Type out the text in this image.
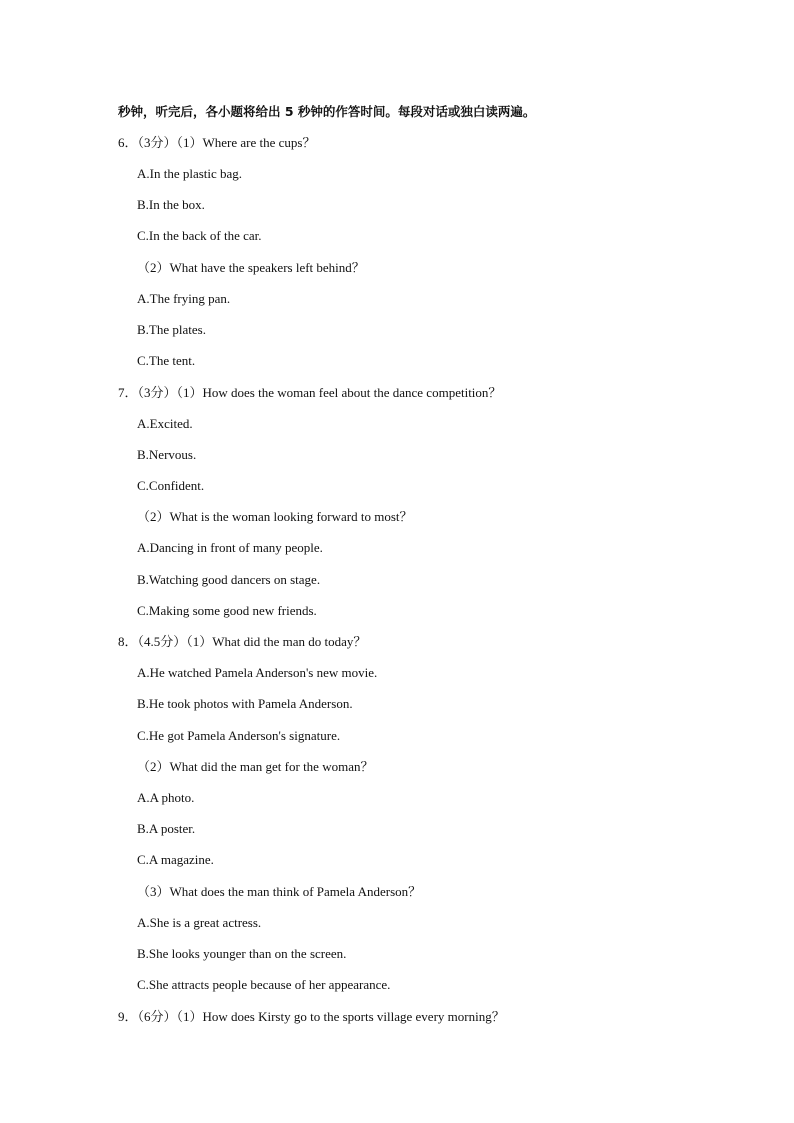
秒钟，听完后，各小题将给出 5 秒钟的作答时间。每段对话或独白读两遍。
6．（3分）（1）Where are the cups？
A.In the plastic bag.
B.In the box.
C.In the back of the car.
（2）What have the speakers left behind？
A.The frying pan.
B.The plates.
C.The tent.
7．（3分）（1）How does the woman feel about the dance competition？
A.Excited.
B.Nervous.
C.Confident.
（2）What is the woman looking forward to most？
A.Dancing in front of many people.
B.Watching good dancers on stage.
C.Making some good new friends.
8．（4.5分）（1）What did the man do today？
A.He watched Pamela Anderson's new movie.
B.He took photos with Pamela Anderson.
C.He got Pamela Anderson's signature.
（2）What did the man get for the woman？
A.A photo.
B.A poster.
C.A magazine.
（3）What does the man think of Pamela Anderson？
A.She is a great actress.
B.She looks younger than on the screen.
C.She attracts people because of her appearance.
9．（6分）（1）How does Kirsty go to the sports village every morning？
